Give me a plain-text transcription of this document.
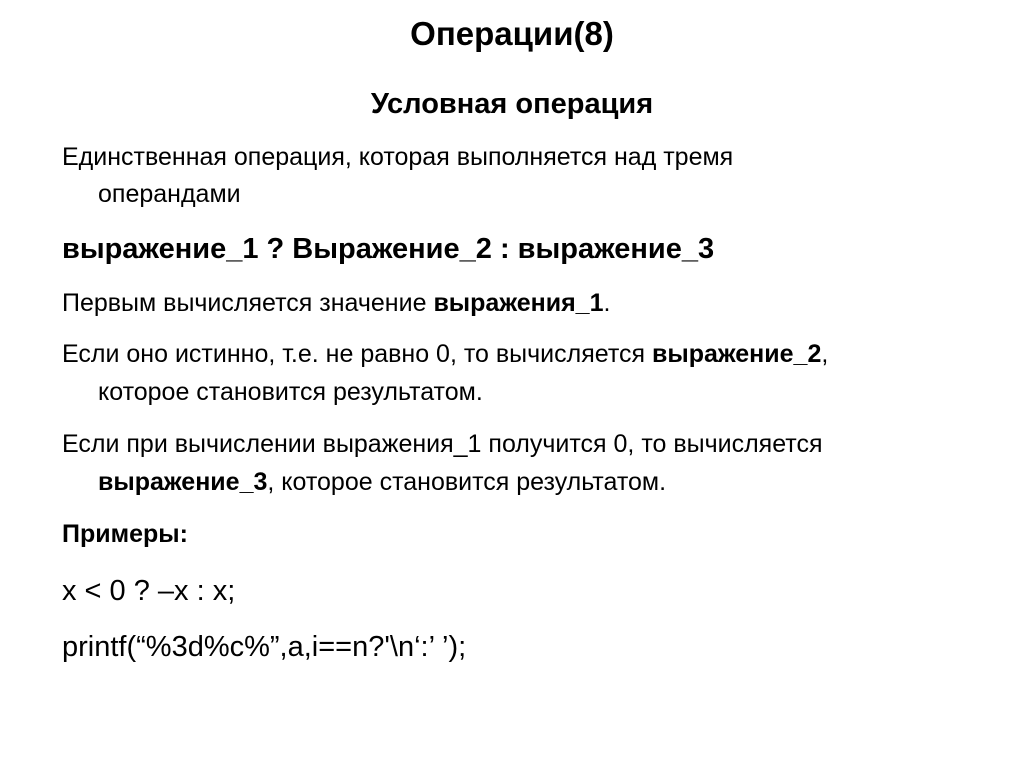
Операции(8)
Условная операция
Единственная операция, которая выполняется над тремя
операндами
выражение_1 ? Выражение_2 : выражение_3
Первым вычисляется значение выражения_1.
Если оно истинно, т.е. не равно 0, то вычисляется выражение_2,
которое становится результатом.
Если при вычислении выражения_1 получится 0, то вычисляется
выражение_3, которое становится результатом.
Примеры:
x < 0 ? –x : x;
printf(“%3d%c%”,a,i==n?'\n‘:’ ’);
